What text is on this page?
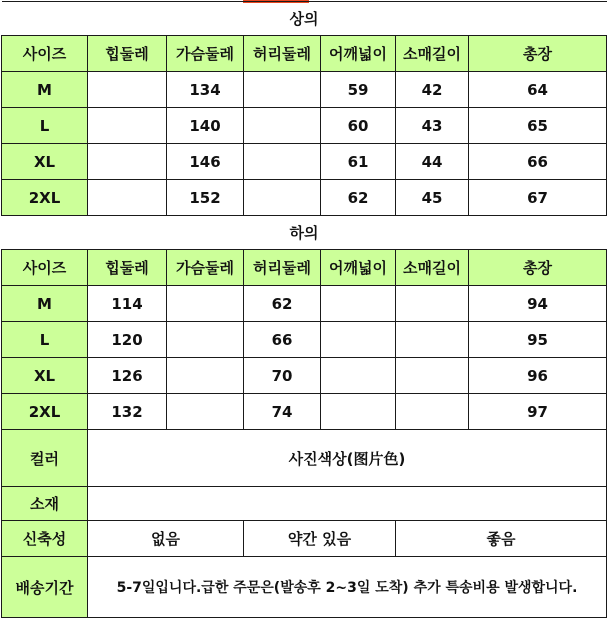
상의						
사이즈	힙둘레	가슴둘레	허리둘레	어깨넓이	소매길이	총장
M		134		59	42	64
L		140		60	43	65
XL		146		61	44	66
2XL		152		62	45	67
하의						
사이즈	힙둘레	가슴둘레	허리둘레	어깨넓이	소매길이	총장
M	114		62			94
L	120		66			95
XL	126		70			96
2XL	132		74			97
컬러	사진색상(图片色)					
소재						
신축성	없음		약간 있음		좋음	
배송기간	5-7일입니다.급한 주문은(발송후 2~3일 도착) 추가 특송비용 발생합니다.					
